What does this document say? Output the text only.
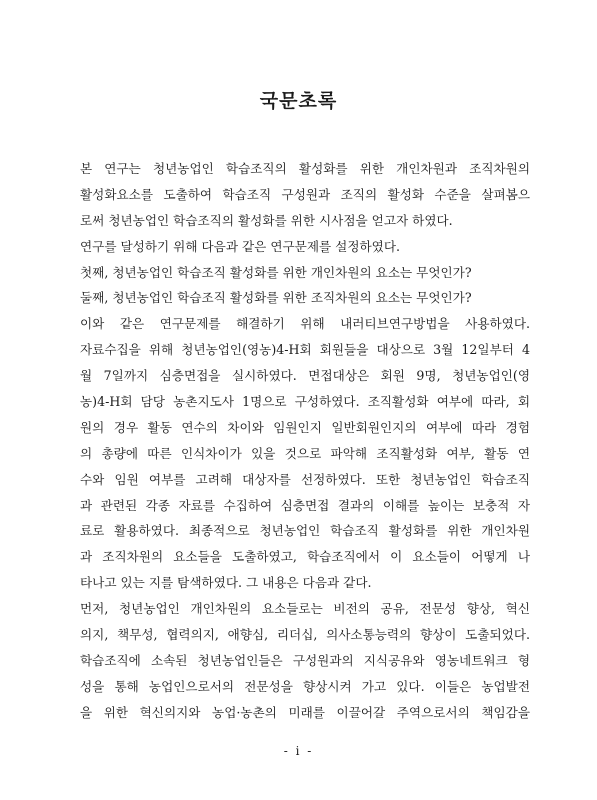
국문초록
본 연구는 청년농업인 학습조직의 활성화를 위한 개인차원과 조직차원의
활성화요소를 도출하여 학습조직 구성원과 조직의 활성화 수준을 살펴봄으
로써 청년농업인 학습조직의 활성화를 위한 시사점을 얻고자 하였다.
연구를 달성하기 위해 다음과 같은 연구문제를 설정하였다.
첫째, 청년농업인 학습조직 활성화를 위한 개인차원의 요소는 무엇인가?
둘째, 청년농업인 학습조직 활성화를 위한 조직차원의 요소는 무엇인가?
이와 같은 연구문제를 해결하기 위해 내러티브연구방법을 사용하였다.
자료수집을 위해 청년농업인(영농)4-H회 회원들을 대상으로 3월 12일부터 4
월 7일까지 심층면접을 실시하였다. 면접대상은 회원 9명, 청년농업인(영
농)4-H회 담당 농촌지도사 1명으로 구성하였다. 조직활성화 여부에 따라, 회
원의 경우 활동 연수의 차이와 임원인지 일반회원인지의 여부에 따라 경험
의 총량에 따른 인식차이가 있을 것으로 파악해 조직활성화 여부, 활동 연
수와 임원 여부를 고려해 대상자를 선정하였다. 또한 청년농업인 학습조직
과 관련된 각종 자료를 수집하여 심층면접 결과의 이해를 높이는 보충적 자
료로 활용하였다. 최종적으로 청년농업인 학습조직 활성화를 위한 개인차원
과 조직차원의 요소들을 도출하였고, 학습조직에서 이 요소들이 어떻게 나
타나고 있는 지를 탐색하였다. 그 내용은 다음과 같다.
먼저, 청년농업인 개인차원의 요소들로는 비전의 공유, 전문성 향상, 혁신
의지, 책무성, 협력의지, 애향심, 리더십, 의사소통능력의 향상이 도출되었다.
학습조직에 소속된 청년농업인들은 구성원과의 지식공유와 영농네트워크 형
성을 통해 농업인으로서의 전문성을 향상시켜 가고 있다. 이들은 농업발전
을 위한 혁신의지와 농업·농촌의 미래를 이끌어갈 주역으로서의 책임감을
- i -
